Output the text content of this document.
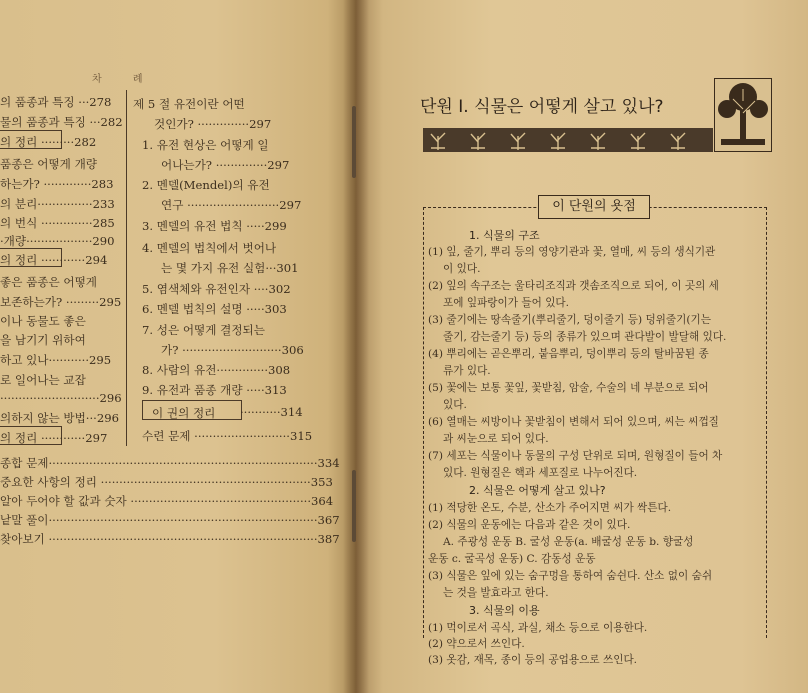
차 례
의 품종과 특징 ···278
물의 품종과 특징 ···282
의 정리 ·········282
품종은 어떻게 개량
하는가? ·············283
의 분리···············233
의 번식 ··············285
·개량··················290
의 정리 ············294
좋은 품종은 어떻게
보존하는가? ·········295
이나 동물도 좋은
을 남기기 위하여
하고 있나···········295
로 일어나는 교잡
···························296
의하지 않는 방법···296
의 정리 ············297
제 5 절 유전이란 어떤
것인가? ··············297
1. 유전 현상은 어떻게 일
어나는가? ··············297
2. 멘델(Mendel)의 유전
연구 ·························297
3. 멘델의 유전 법칙 ·····299
4. 멘델의 법칙에서 벗어나
는 몇 가지 유전 실험···301
5. 염색체와 유전인자 ····302
6. 멘델 법칙의 설명 ·····303
7. 성은 어떻게 결정되는
가? ···························306
8. 사람의 유전··············308
9. 유전과 품종 개량 ·····313
이 권의 정리 ···········314
수련 문제 ··························315
종합 문제·········································································334
중요한 사항의 정리 ·························································353
알아 두어야 할 값과 숫자 ·················································364
낱말 풀이·········································································367
찾아보기 ·········································································387
단원 I. 식물은 어떻게 살고 있나?
이 단원의 욧점
1. 식물의 구조
(1) 잎, 줄기, 뿌리 등의 영양기관과 꽃, 열매, 씨 등의 생식기관
이 있다.
(2) 잎의 속구조는 울타리조직과 갯솜조직으로 되어, 이 곳의 세
포에 잎파랑이가 들어 있다.
(3) 줄기에는 땅속줄기(뿌리줄기, 덩이줄기 등) 덩위줄기(기는
줄기, 감는줄기 등) 등의 종류가 있으며 관다발이 발달해 있다.
(4) 뿌리에는 곧은뿌리, 붙음뿌리, 덩이뿌리 등의 탈바꿈된 종
류가 있다.
(5) 꽃에는 보통 꽃잎, 꽃받침, 암술, 수술의 네 부분으로 되어
있다.
(6) 열매는 씨방이나 꽃받침이 변해서 되어 있으며, 씨는 씨껍질
과 씨눈으로 되어 있다.
(7) 세포는 식물이나 동물의 구성 단위로 되며, 원형질이 들어 차
있다. 원형질은 핵과 세포질로 나누어진다.
2. 식물은 어떻게 살고 있나?
(1) 적당한 온도, 수분, 산소가 주어지면 씨가 싹튼다.
(2) 식물의 운동에는 다음과 같은 것이 있다.
A. 주광성 운동 B. 굴성 운동(a. 배굴성 운동 b. 향굴성
운동 c. 굴곡성 운동) C. 감동성 운동
(3) 식물은 잎에 있는 숨구멍을 통하여 숨쉰다. 산소 없이 숨쉬
는 것을 발효라고 한다.
3. 식물의 이용
(1) 먹이로서 곡식, 과실, 채소 등으로 이용한다.
(2) 약으로서 쓰인다.
(3) 옷감, 재목, 종이 등의 공업용으로 쓰인다.
